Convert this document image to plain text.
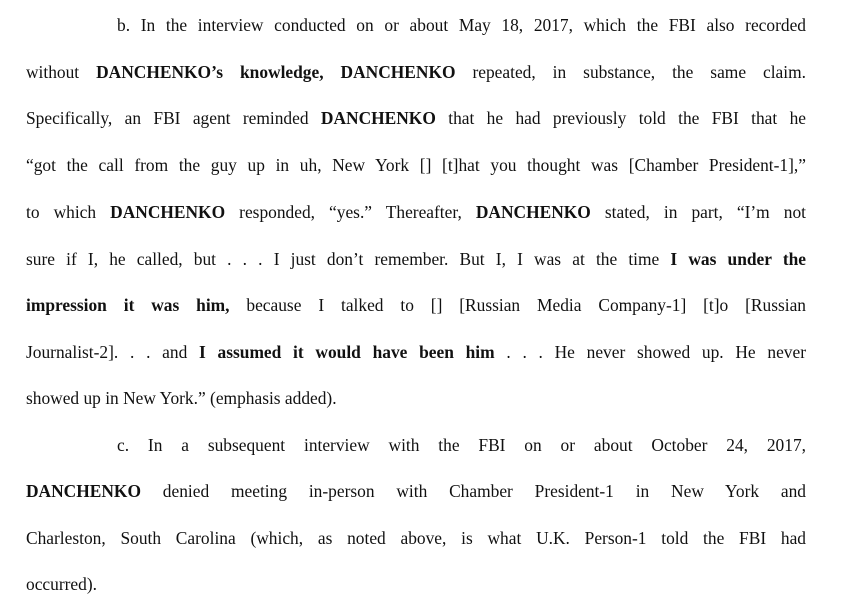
b. In the interview conducted on or about May 18, 2017, which the FBI also recorded
without DANCHENKO’s knowledge, DANCHENKO repeated, in substance, the same claim.
Specifically, an FBI agent reminded DANCHENKO that he had previously told the FBI that he
“got the call from the guy up in uh, New York [] [t]hat you thought was [Chamber President-1],”
to which DANCHENKO responded, “yes.” Thereafter, DANCHENKO stated, in part, “I’m not
sure if I, he called, but . . . I just don’t remember. But I, I was at the time I was under the
impression it was him, because I talked to [] [Russian Media Company-1] [t]o [Russian
Journalist-2]. . . and I assumed it would have been him . . . He never showed up. He never
showed up in New York.” (emphasis added).
c. In a subsequent interview with the FBI on or about October 24, 2017,
DANCHENKO denied meeting in-person with Chamber President-1 in New York and
Charleston, South Carolina (which, as noted above, is what U.K. Person-1 told the FBI had
occurred).
